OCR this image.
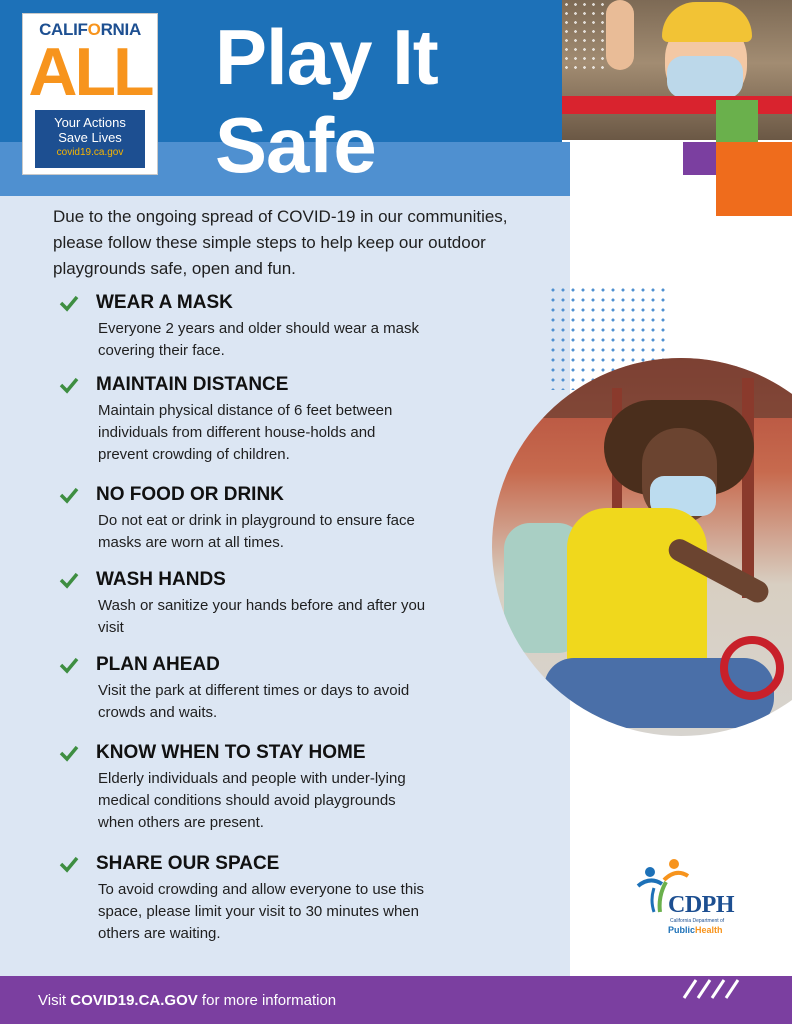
CALIFORNIA
ALL
Your Actions
Save Lives
covid19.ca.gov
Play It
Safe

Due to the ongoing spread of COVID-19 in our communities, please follow these simple steps to help keep our outdoor playgrounds safe, open and fun.

WEAR A MASK
Everyone 2 years and older should wear a mask covering their face.
MAINTAIN DISTANCE
Maintain physical distance of 6 feet between individuals from different house-holds and prevent crowding of children.
NO FOOD OR DRINK
Do not eat or drink in playground to ensure face masks are worn at all times.
WASH HANDS
Wash or sanitize your hands before and after you visit
PLAN AHEAD
Visit the park at different times or days to avoid crowds and waits.
KNOW WHEN TO STAY HOME
Elderly individuals and people with under-lying medical conditions should avoid playgrounds when others are present.
SHARE OUR SPACE
To avoid crowding and allow everyone to use this space, please limit your visit to 30 minutes when others are waiting.
CDPH
California Department of
PublicHealth
Visit COVID19.CA.GOV for more information
